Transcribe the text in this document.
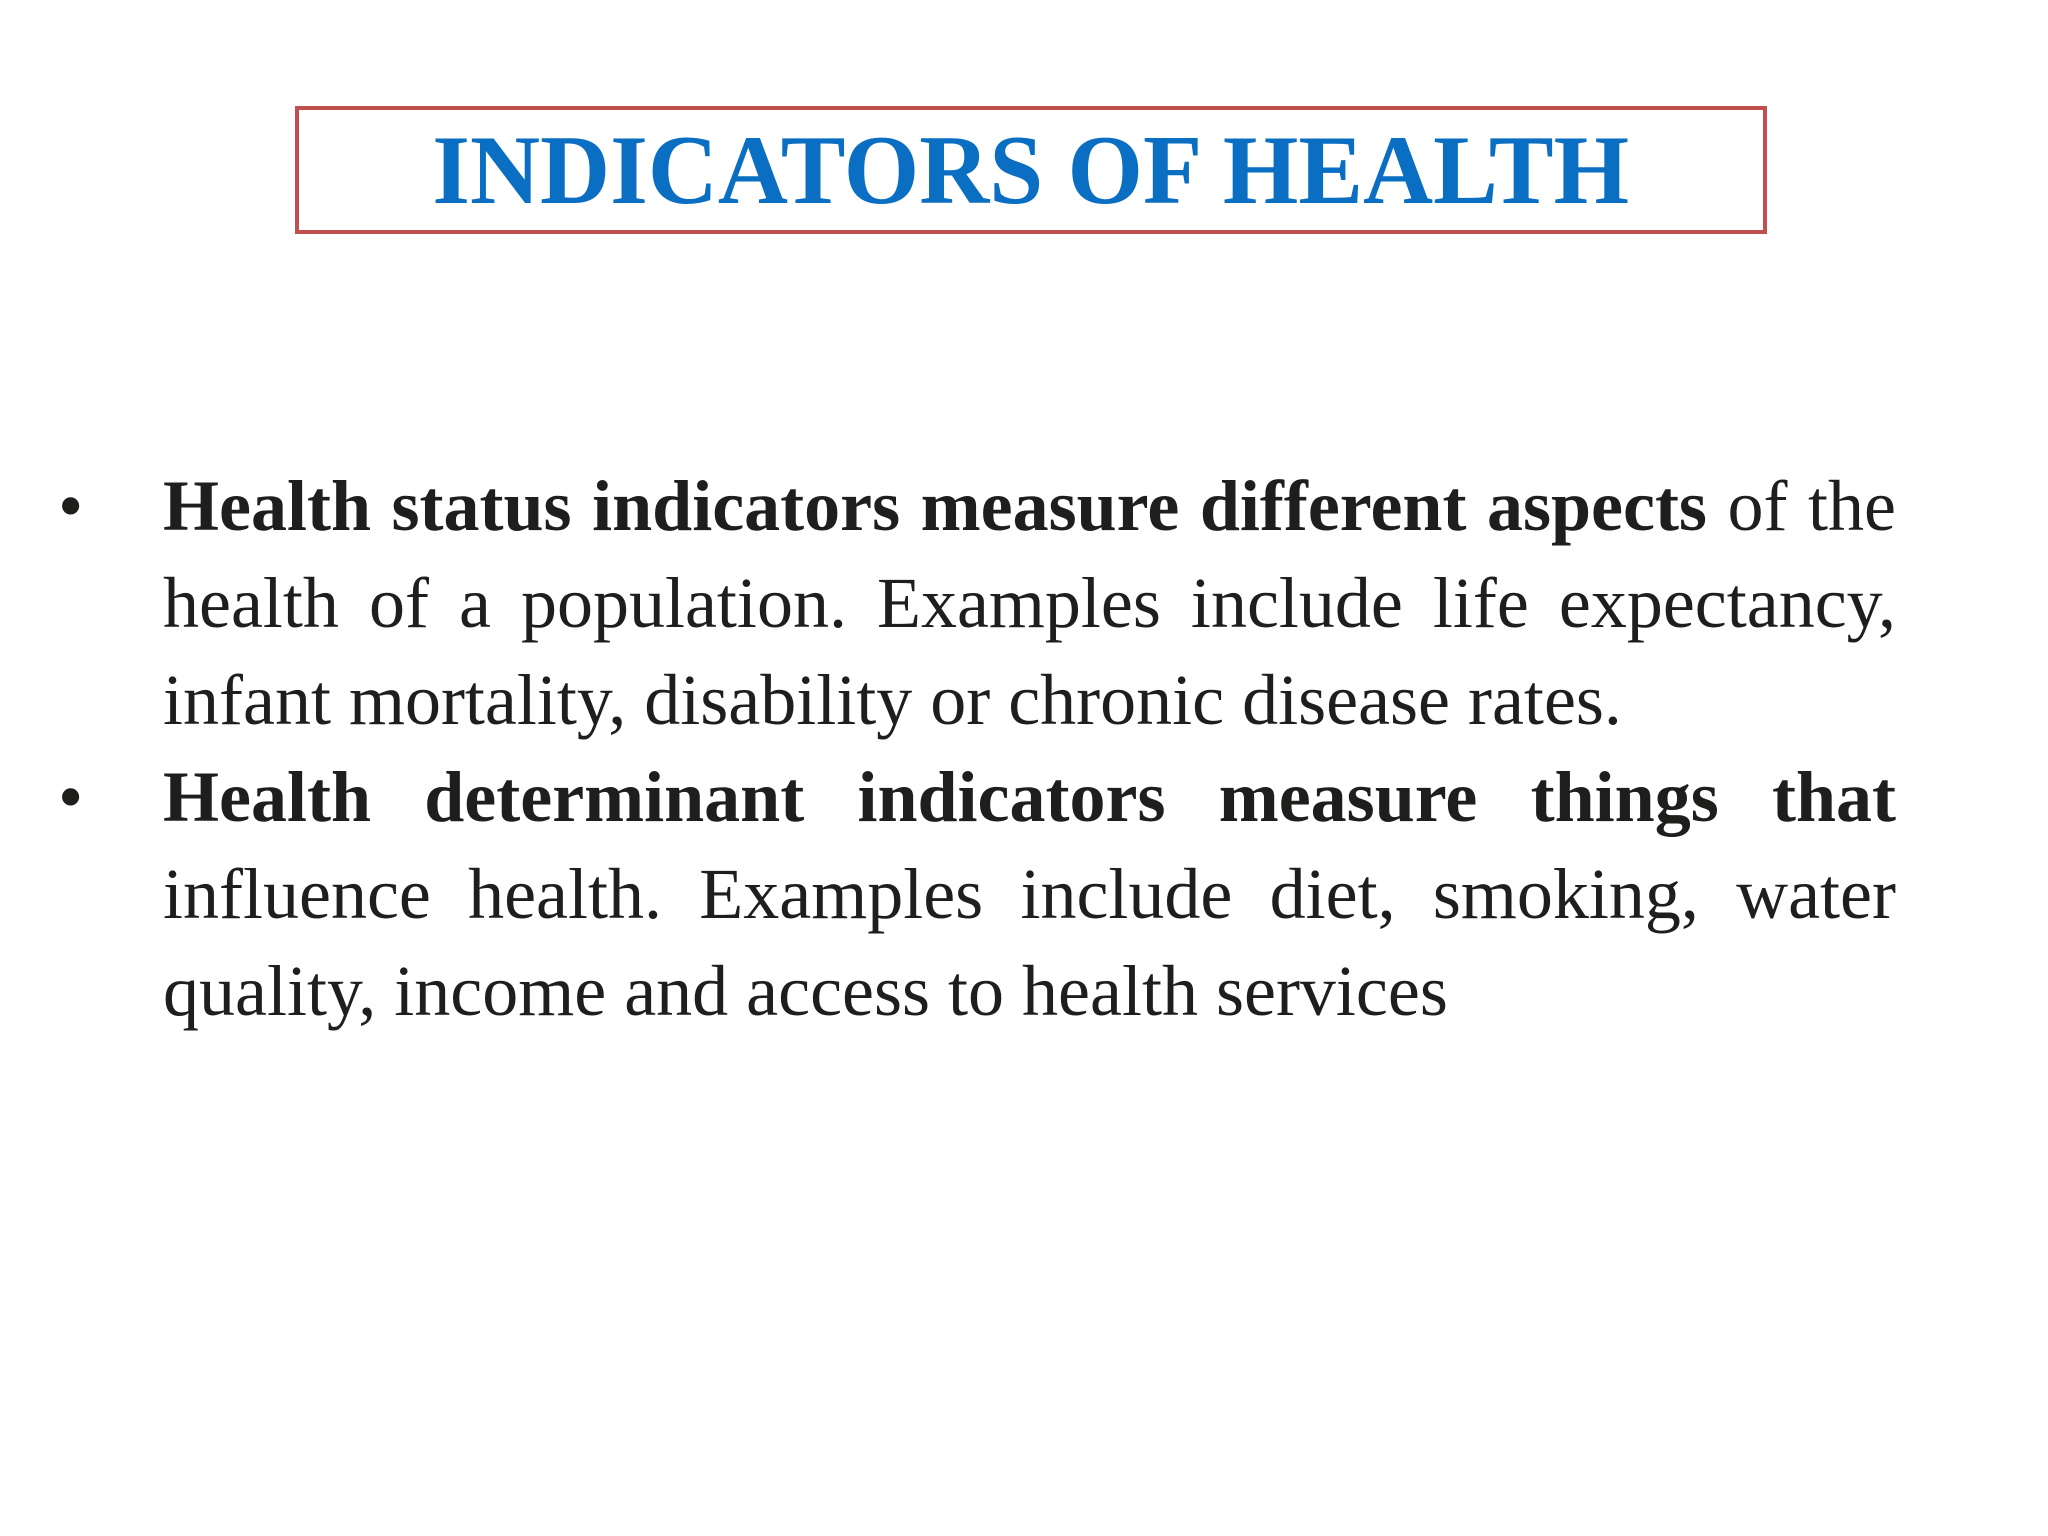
INDICATORS OF HEALTH
• Health status indicators measure different aspects of the health of a population. Examples include life expectancy, infant mortality, disability or chronic disease rates.
• Health determinant indicators measure things that influence health. Examples include diet, smoking, water quality, income and access to health services
